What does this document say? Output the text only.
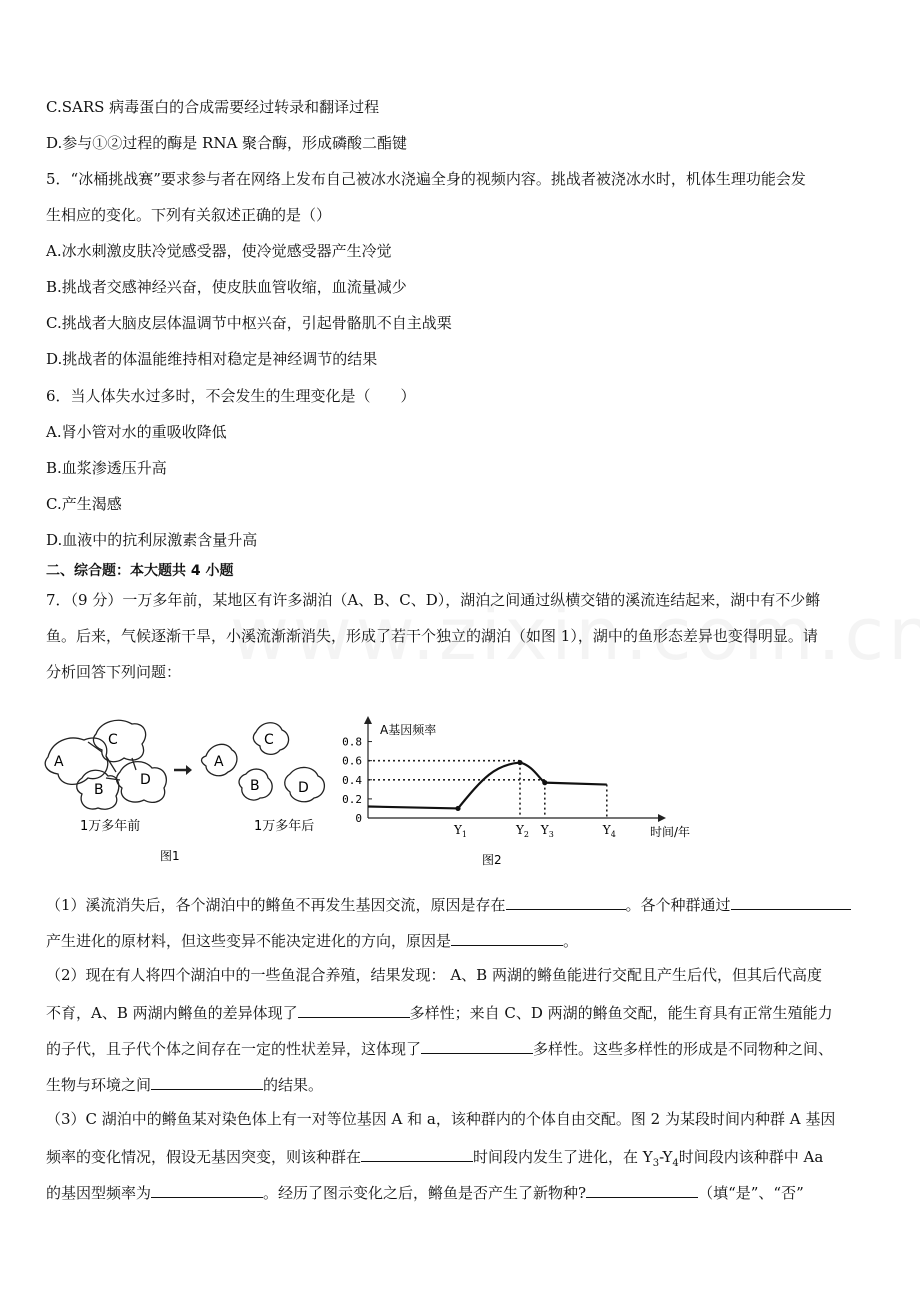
C.SARS 病毒蛋白的合成需要经过转录和翻译过程
D.参与①②过程的酶是 RNA 聚合酶，形成磷酸二酯键
5．“冰桶挑战赛”要求参与者在网络上发布自己被冰水浇遍全身的视频内容。挑战者被浇冰水时，机体生理功能会发
生相应的变化。下列有关叙述正确的是（）
A.冰水刺激皮肤冷觉感受器，使冷觉感受器产生冷觉
B.挑战者交感神经兴奋，使皮肤血管收缩，血流量减少
C.挑战者大脑皮层体温调节中枢兴奋，引起骨骼肌不自主战栗
D.挑战者的体温能维持相对稳定是神经调节的结果
6．当人体失水过多时，不会发生的生理变化是（　　）
A.肾小管对水的重吸收降低
B.血浆渗透压升高
C.产生渴感
D.血液中的抗利尿激素含量升高
二、综合题：本大题共 4 小题
7．（9 分）一万多年前，某地区有许多湖泊（A、B、C、D），湖泊之间通过纵横交错的溪流连结起来，湖中有不少鳉
鱼。后来，气候逐渐干旱，小溪流渐渐消失，形成了若干个独立的湖泊（如图 1），湖中的鱼形态差异也变得明显。请
分析回答下列问题：
A
B
C
D
A
B
C
D
1万多年前	1万多年后
图1
A基因频率
0.8
0.6
0.4
0.2
0
$Y_1$	$Y_2$ $Y_3$	$Y_4$	时间/年
图2
（1）溪流消失后，各个湖泊中的鳉鱼不再发生基因交流，原因是存在	。各个种群通过
产生进化的原材料，但这些变异不能决定进化的方向，原因是	。
（2）现在有人将四个湖泊中的一些鱼混合养殖，结果发现： A、B 两湖的鳉鱼能进行交配且产生后代，但其后代高度
不育，A、B 两湖内鳉鱼的差异体现了	多样性；来自 C、D 两湖的鳉鱼交配，能生育具有正常生殖能力
的子代，且子代个体之间存在一定的性状差异，这体现了	多样性。这些多样性的形成是不同物种之间、
生物与环境之间	的结果。
（3）C 湖泊中的鳉鱼某对染色体上有一对等位基因 A 和 a，该种群内的个体自由交配。图 2 为某段时间内种群 A 基因
频率的变化情况，假设无基因突变，则该种群在	时间段内发生了进化，在 $Y_3-Y_4$时间段内该种群中 Aa
的基因型频率为	。经历了图示变化之后，鳉鱼是否产生了新物种?	（填“是”、“否”
